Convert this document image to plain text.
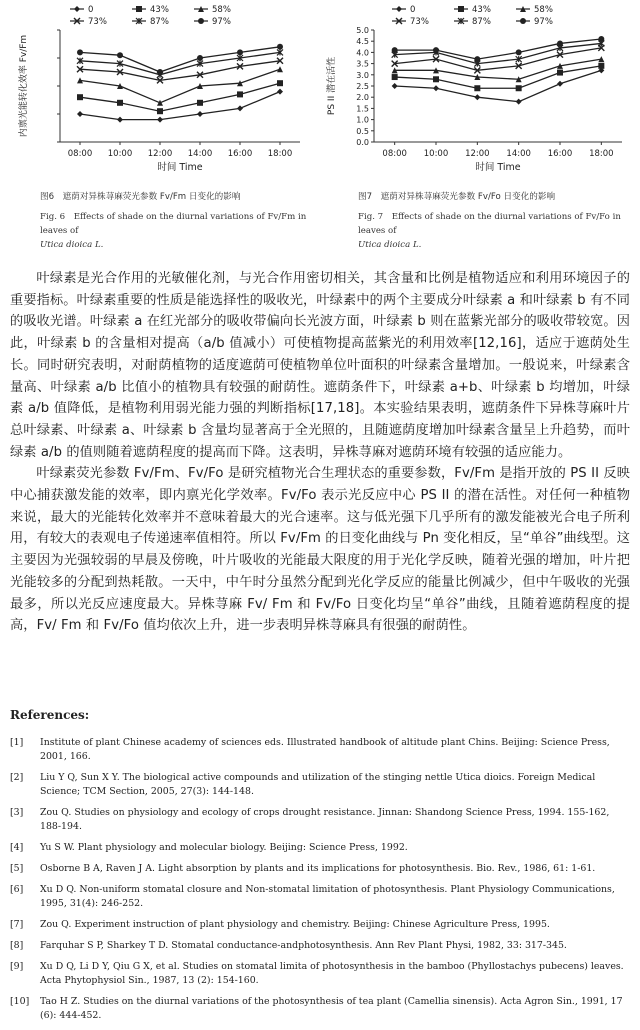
08:00 10:00 12:00 14:00 16:00 18:00
时间 Time
内禀光能转化效率 Fv/Fm
0	43%	58%
73%	87%	97%
图6　遮荫对异株荨麻荧光参数 Fv/Fm 日变化的影响
Fig. 6　Effects of shade on the diurnal variations of Fv/Fm in leaves of
Utica dioica L.
08:00 10:00 12:00 14:00 16:00 18:00
0.0
0.5
1.0
1.5
2.0
2.5
3.0
3.5
4.0
4.5
5.0
时间 Time
PS II 潜在活性
0	43%	58%
73%	87%	97%
图7　遮荫对异株荨麻荧光参数 Fv/Fo 日变化的影响
Fig. 7　Effects of shade on the diurnal variations of Fv/Fo in leaves of
Utica dioica L.

叶绿素是光合作用的光敏催化剂，与光合作用密切相关，其含量和比例是植物适应和利用环境因子的重要指标。叶绿素重要的性质是能选择性的吸收光，叶绿素中的两个主要成分叶绿素 a 和叶绿素 b 有不同的吸收光谱。叶绿素 a 在红光部分的吸收带偏向长光波方面，叶绿素 b 则在蓝紫光部分的吸收带较宽。因此，叶绿素 b 的含量相对提高（a/b 值减小）可使植物提高蓝紫光的利用效率[12,16]，适应于遮荫处生长。同时研究表明，对耐荫植物的适度遮荫可使植物单位叶面积的叶绿素含量增加。一般说来，叶绿素含量高、叶绿素 a/b 比值小的植物具有较强的耐荫性。遮荫条件下，叶绿素 a+b、叶绿素 b 均增加，叶绿素 a/b 值降低，是植物利用弱光能力强的判断指标[17,18]。本实验结果表明，遮荫条件下异株荨麻叶片总叶绿素、叶绿素 a、叶绿素 b 含量均显著高于全光照的，且随遮荫度增加叶绿素含量呈上升趋势，而叶绿素 a/b 的值则随着遮荫程度的提高而下降。这表明，异株荨麻对遮荫环境有较强的适应能力。

叶绿素荧光参数 Fv/Fm、Fv/Fo 是研究植物光合生理状态的重要参数，Fv/Fm 是指开放的 PS II 反映中心捕获激发能的效率，即内禀光化学效率。Fv/Fo 表示光反应中心 PS II 的潜在活性。对任何一种植物来说，最大的光能转化效率并不意味着最大的光合速率。这与低光强下几乎所有的激发能被光合电子所利用，有较大的表观电子传递速率值相符。所以 Fv/Fm 的日变化曲线与 Pn 变化相反，呈“单谷”曲线型。这主要因为光强较弱的早晨及傍晚，叶片吸收的光能最大限度的用于光化学反映，随着光强的增加，叶片把光能较多的分配到热耗散。一天中，中午时分虽然分配到光化学反应的能量比例减少，但中午吸收的光强最多，所以光反应速度最大。异株荨麻 Fv/ Fm 和 Fv/Fo 日变化均呈“单谷”曲线，且随着遮荫程度的提高，Fv/ Fm 和 Fv/Fo 值均依次上升，进一步表明异株荨麻具有很强的耐荫性。

References:
[1]	Institute of plant Chinese academy of sciences eds. Illustrated handbook of altitude plant Chins. Beijing: Science Press, 2001, 166.
[2]	Liu Y Q, Sun X Y. The biological active compounds and utilization of the stinging nettle Utica dioics. Foreign Medical Science; TCM Section, 2005, 27(3): 144-148.
[3]	Zou Q. Studies on physiology and ecology of crops drought resistance. Jinnan: Shandong Science Press, 1994. 155-162, 188-194.
[4]	Yu S W. Plant physiology and molecular biology. Beijing: Science Press, 1992.
[5]	Osborne B A, Raven J A. Light absorption by plants and its implications for photosynthesis. Bio. Rev., 1986, 61: 1-61.
[6]	Xu D Q. Non-uniform stomatal closure and Non-stomatal limitation of photosynthesis. Plant Physiology Communications, 1995, 31(4): 246-252.
[7]	Zou Q. Experiment instruction of plant physiology and chemistry. Beijing: Chinese Agriculture Press, 1995.
[8]	Farquhar S P, Sharkey T D. Stomatal conductance-andphotosynthesis. Ann Rev Plant Physi, 1982, 33: 317-345.
[9]	Xu D Q, Li D Y, Qiu G X, et al. Studies on stomatal limita of photosynthesis in the bamboo (Phyllostachys pubecens) leaves. Acta Phytophysiol Sin., 1987, 13 (2): 154-160.
[10]	Tao H Z. Studies on the diurnal variations of the photosynthesis of tea plant (Camellia sinensis). Acta Agron Sin., 1991, 17 (6): 444-452.
